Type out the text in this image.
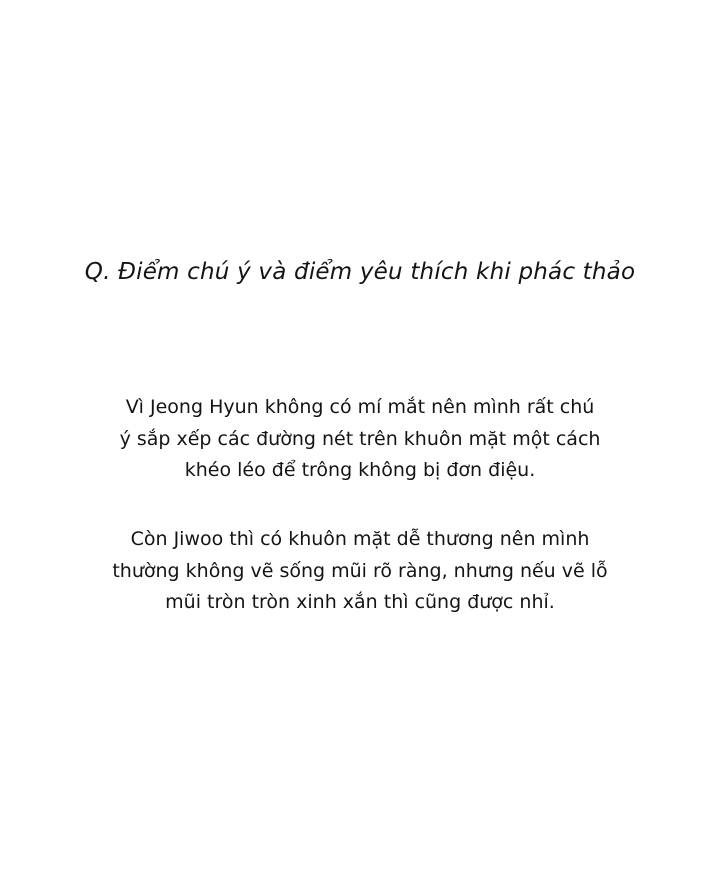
Q. Điểm chú ý và điểm yêu thích khi phác thảo
Vì Jeong Hyun không có mí mắt nên mình rất chú
ý sắp xếp các đường nét trên khuôn mặt một cách
khéo léo để trông không bị đơn điệu.
Còn Jiwoo thì có khuôn mặt dễ thương nên mình
thường không vẽ sống mũi rõ ràng, nhưng nếu vẽ lỗ
mũi tròn tròn xinh xắn thì cũng được nhỉ.
